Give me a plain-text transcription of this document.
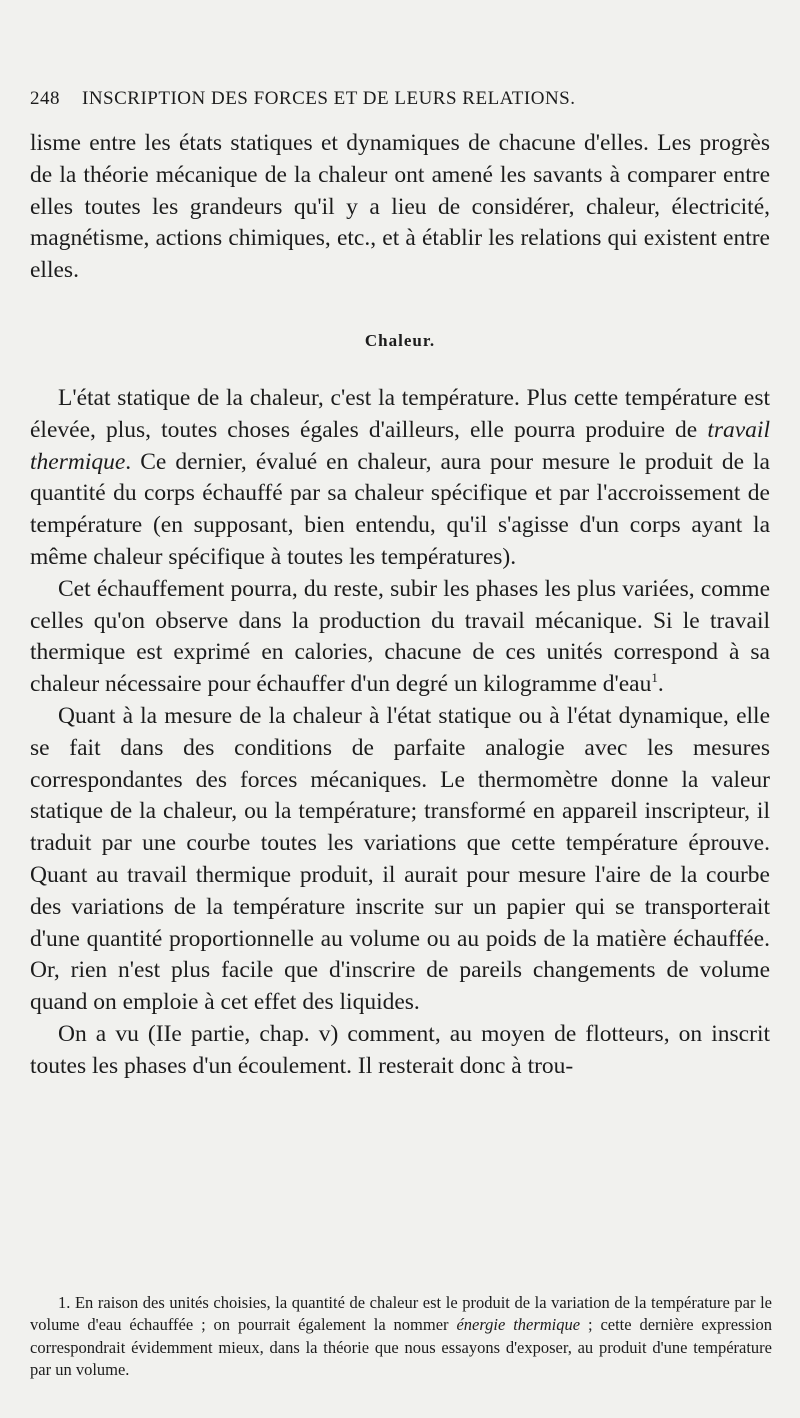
248 INSCRIPTION DES FORCES ET DE LEURS RELATIONS.

lisme entre les états statiques et dynamiques de chacune d'elles. Les progrès de la théorie mécanique de la chaleur ont amené les savants à comparer entre elles toutes les grandeurs qu'il y a lieu de considérer, chaleur, électricité, magnétisme, actions chimiques, etc., et à établir les relations qui existent entre elles.

Chaleur.

L'état statique de la chaleur, c'est la température. Plus cette température est élevée, plus, toutes choses égales d'ailleurs, elle pourra produire de travail thermique. Ce dernier, évalué en chaleur, aura pour mesure le produit de la quantité du corps échauffé par sa chaleur spécifique et par l'accroissement de température (en supposant, bien entendu, qu'il s'agisse d'un corps ayant la même chaleur spécifique à toutes les températures).

Cet échauffement pourra, du reste, subir les phases les plus variées, comme celles qu'on observe dans la production du travail mécanique. Si le travail thermique est exprimé en calories, chacune de ces unités correspond à sa chaleur nécessaire pour échauffer d'un degré un kilogramme d'eau$^1$.

Quant à la mesure de la chaleur à l'état statique ou à l'état dynamique, elle se fait dans des conditions de parfaite analogie avec les mesures correspondantes des forces mécaniques. Le thermomètre donne la valeur statique de la chaleur, ou la température; transformé en appareil inscripteur, il traduit par une courbe toutes les variations que cette température éprouve. Quant au travail thermique produit, il aurait pour mesure l'aire de la courbe des variations de la température inscrite sur un papier qui se transporterait d'une quantité proportionnelle au volume ou au poids de la matière échauffée. Or, rien n'est plus facile que d'inscrire de pareils changements de volume quand on emploie à cet effet des liquides.

On a vu (IIe partie, chap. v) comment, au moyen de flotteurs, on inscrit toutes les phases d'un écoulement. Il resterait donc à trou-

1. En raison des unités choisies, la quantité de chaleur est le produit de la variation de la température par le volume d'eau échauffée ; on pourrait également la nommer énergie thermique ; cette dernière expression correspondrait évidemment mieux, dans la théorie que nous essayons d'exposer, au produit d'une température par un volume.
